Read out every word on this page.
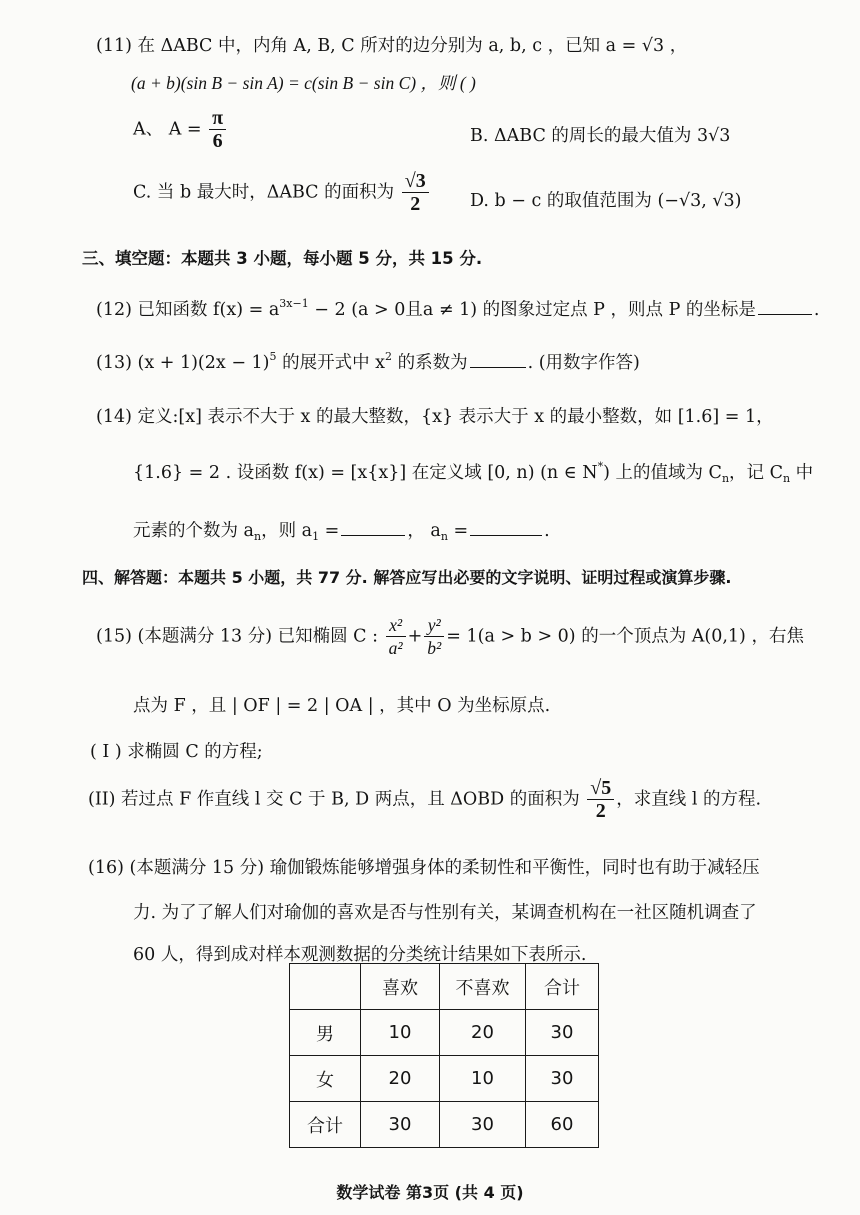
(11) 在 ΔABC 中，内角 A, B, C 所对的边分别为 a, b, c ，已知 a = √3 ，
(a + b)(sin B − sin A) = c(sin B − sin C) ，则 ( )
A、 $A = \frac{\pi}{6}$	B. ΔABC 的周长的最大值为 3√3
C. 当 b 最大时，ΔABC 的面积为 $\frac{√3}{2} D$. b − c 的取值范围为 (−√3, √3)
三、填空题：本题共 3 小题，每小题 5 分，共 15 分.
(12) 已知函数 $f(x) = a^{3x-1} - 2$ (a > 0且a ≠ 1) 的图象过定点 P ，则点 P 的坐标是	.
(13) $(x + 1)(2x - 1)^5$ 的展开式中 $x^2$ 的系数为	. (用数字作答)
(14) 定义:[x] 表示不大于 x 的最大整数，{x} 表示大于 x 的最小整数，如 [1.6] = 1，
{1.6} = 2 . 设函数 f(x) = [x{x}] 在定义域 [0, n) (n ∈ N*) 上的值域为 $C_n$，记 $C_n$ 中
元素的个数为 $a_n$，则 $a_1$ =	， $a_n$ =	.
四、解答题：本题共 5 小题，共 77 分. 解答应写出必要的文字说明、证明过程或演算步骤.
(15) (本题满分 13 分) 已知椭圆 C : $\frac{\text{x²}}{\text{a²}} + \frac{\text{y²}}{\text{b²}} = 1(a > b > 0)$ 的一个顶点为 A(0,1) ，右焦
点为 F ，且 | OF | = 2 | OA | ，其中 O 为坐标原点.
( I ) 求椭圆 C 的方程;
(II) 若过点 F 作直线 l 交 C 于 B, D 两点，且 ΔOBD 的面积为 $\frac{√5}{2}$ ，求直线 l 的方程.
(16) (本题满分 15 分) 瑜伽锻炼能够增强身体的柔韧性和平衡性，同时也有助于减轻压
力. 为了了解人们对瑜伽的喜欢是否与性别有关，某调查机构在一社区随机调查了
60 人，得到成对样本观测数据的分类统计结果如下表所示.
	喜欢	不喜欢	合计
男	10	20	30
女	20	10	30
合计	30	30	60
数学试卷 第3页 (共 4 页)
